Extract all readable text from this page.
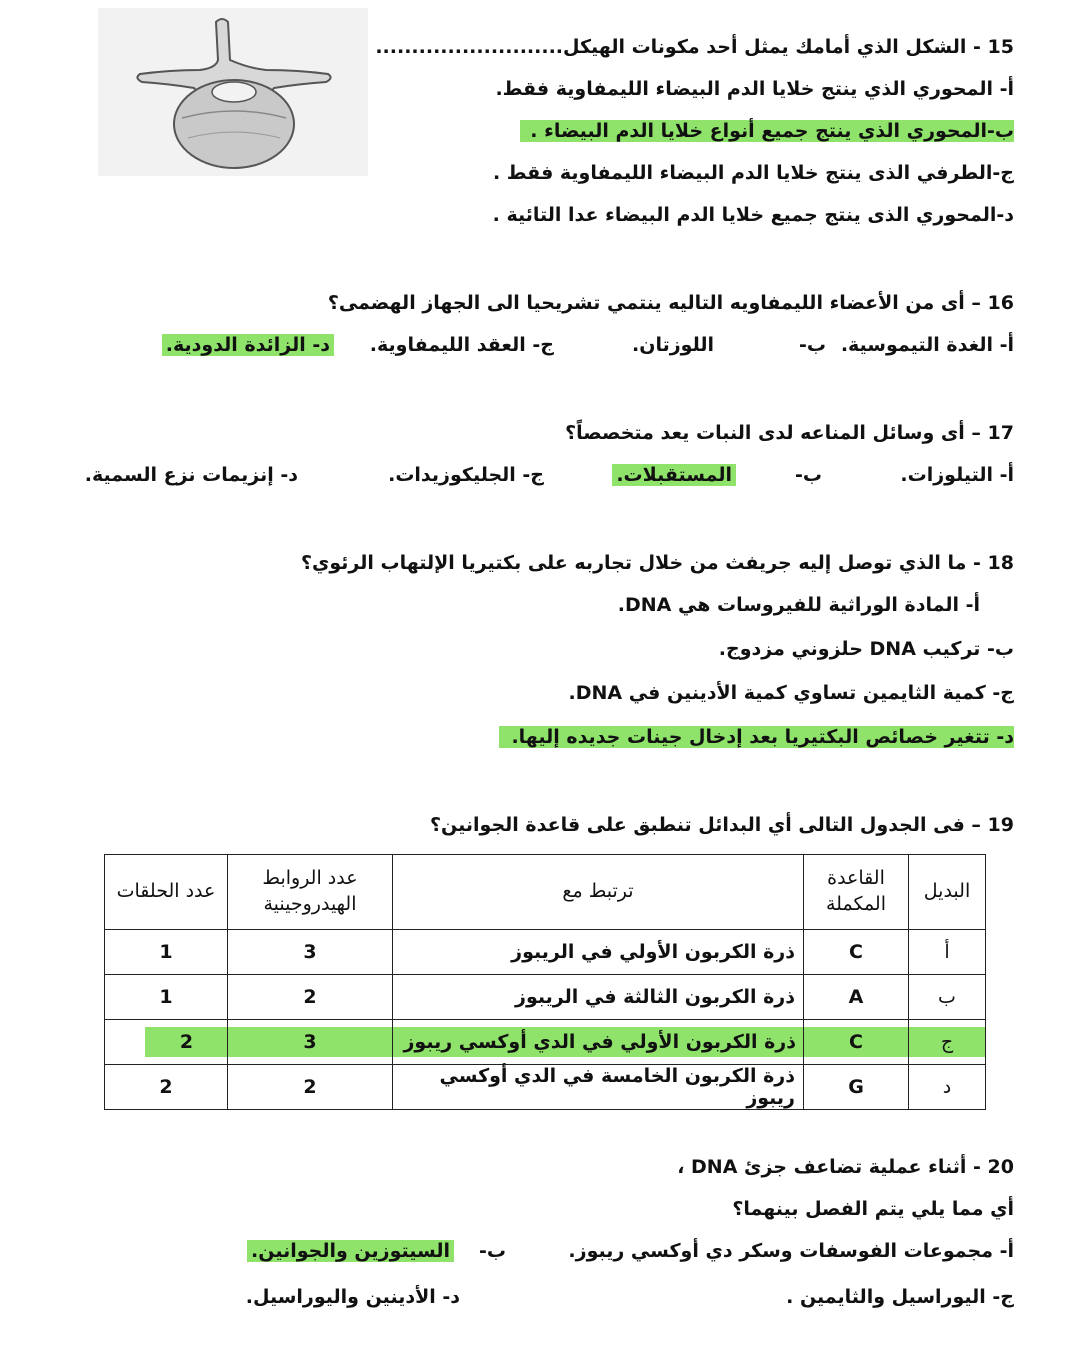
15 - الشكل الذي أمامك يمثل أحد مكونات الهيكل..........................
أ- المحوري الذي ينتج خلايا الدم البيضاء الليمفاوية فقط.
ب-المحوري الذي ينتج جميع أنواع خلايا الدم البيضاء .
ج-الطرفي الذى ينتج خلايا الدم البيضاء الليمفاوية فقط .
د-المحوري الذى ينتج جميع خلايا الدم البيضاء عدا التائية .
16 – أى من الأعضاء الليمفاويه التاليه ينتمي تشريحيا الى الجهاز الهضمى؟
أ- الغدة التيموسية.
ب-
اللوزتان.
ج- العقد الليمفاوية.
د- الزائدة الدودية.
17 – أى وسائل المناعه لدى النبات يعد متخصصاً؟
أ- التيلوزات.
ب-
المستقبلات.
ج- الجليكوزيدات.
د- إنزيمات نزع السمية.
18 - ما الذي توصل إليه جريفث من خلال تجاربه على بكتيريا الإلتهاب الرئوي؟
أ- المادة الوراثية للفيروسات هي DNA.
ب- تركيب DNA حلزوني مزدوج.
ج- كمية الثايمين تساوي كمية الأدينين في DNA.
د- تتغير خصائص البكتيريا بعد إدخال جينات جديده إليها.
19 – فى الجدول التالى أي البدائل تنطبق على قاعدة الجوانين؟
البديل	القاعدة المكملة	ترتبط مع	عدد الروابط الهيدروجينية	عدد الحلقات
أ	C	ذرة الكربون الأولي في الريبوز	3	1
ب	A	ذرة الكربون الثالثة في الريبوز	2	1

ج	C	ذرة الكربون الأولي في الدي أوكسي ريبوز	3	2

د	G	ذرة الكربون الخامسة في الدي أوكسي ريبوز	2	2
20 - أثناء عملية تضاعف جزئ DNA ،
أي مما يلي يتم الفصل بينهما؟
أ- مجموعات الفوسفات وسكر دي أوكسي ريبوز.
ب-
السيتوزين والجوانين.
ج- اليوراسيل والثايمين .
د- الأدينين واليوراسيل.
